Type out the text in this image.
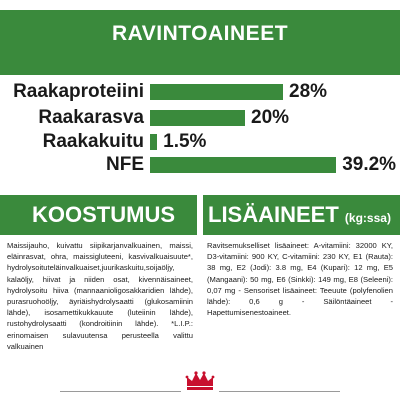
RAVINTOAINEET
Raakaproteiini	28%
Raakarasva	20%
Raakakuitu 1.5%
NFE	39.2%
KOOSTUMUS
Maissijauho, kuivattu siipikarjanvalkuainen, maissi, eläinrasvat, ohra, maissigluteeni, kasvivalkuaisuute*, hydrolysoituteläinvalkuaiset,juurikaskuitu,soijaöljy, kalaöljy, hiivat ja niiden osat, kivennäisaineet, hydrolysoitu hiiva (mannaanioligosakkaridien lähde), purasruohoöljy, äyriäishydrolysaatti (glukosamiinin lähde), isosamettikukkauute (luteiinin lähde), rustohydrolysaatti (kondroitiinin lähde). *L.I.P.: erinomaisen sulavuutensa perusteella valittu valkuainen
LISÄAINEET (kg:ssa)
Ravitsemukselliset lisäaineet: A-vitamiini: 32000 KY, D3-vitamiini: 900 KY, C-vitamiini: 230 KY, E1 (Rauta): 38 mg, E2 (Jodi): 3.8 mg, E4 (Kupari): 12 mg, E5 (Mangaani): 50 mg, E6 (Sinkki): 149 mg, E8 (Seleeni): 0,07 mg - Sensoriset lisäaineet: Teeuute (polyfenolien lähde): 0,6 g - Säilöntäaineet - Hapettumisenestoaineet.
